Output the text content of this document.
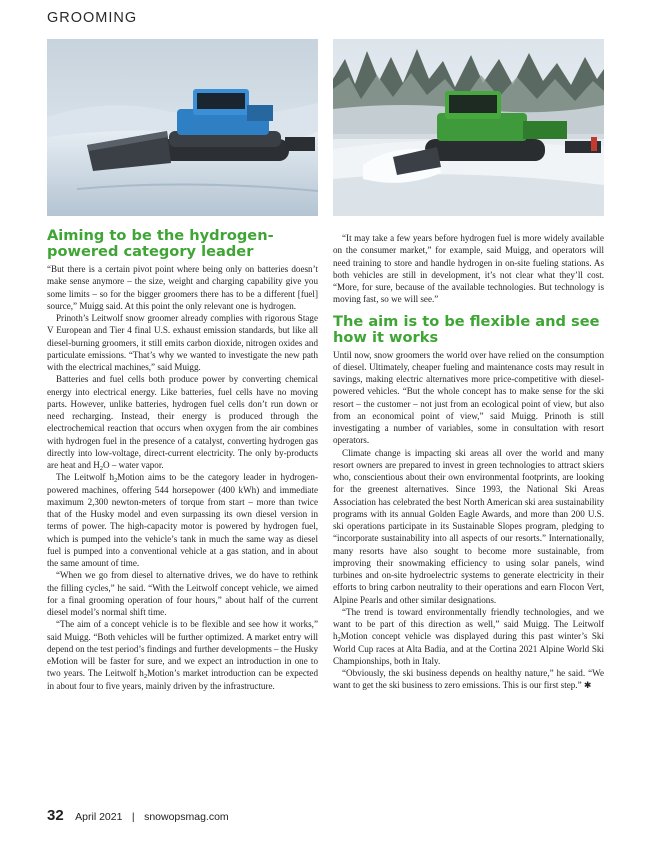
GROOMING
Aiming to be the hydrogen-powered category leader

“But there is a certain pivot point where being only on batteries doesn’t make sense anymore – the size, weight and charging capability give you some limits – so for the bigger groomers there has to be a different [fuel] source,” Muigg said. At this point the only relevant one is hydrogen.

Prinoth’s Leitwolf snow groomer already complies with rigorous Stage V European and Tier 4 final U.S. exhaust emission standards, but like all diesel-burning groomers, it still emits carbon dioxide, nitrogen oxides and particulate emissions. “That’s why we wanted to investigate the new path with the electrical machines,” said Muigg.

Batteries and fuel cells both produce power by converting chemical energy into electrical energy. Like batteries, fuel cells have no moving parts. However, unlike batteries, hydrogen fuel cells don’t run down or need recharging. Instead, their energy is produced through the electrochemical reaction that occurs when oxygen from the air combines with hydrogen fuel in the presence of a catalyst, converting hydrogen gas directly into low-voltage, direct-current electricity. The only by-products are heat and $H_2O$ – water vapor.

The Leitwolf $h_2Motion$ aims to be the category leader in hydrogen-powered machines, offering 544 horsepower (400 kWh) and immediate maximum 2,300 newton-meters of torque from start – more than twice that of the Husky model and even surpassing its own diesel version in terms of power. The high-capacity motor is powered by hydrogen fuel, which is pumped into the vehicle’s tank in much the same way as diesel fuel is pumped into a conventional vehicle at a gas station, and in about the same amount of time.

“When we go from diesel to alternative drives, we do have to rethink the filling cycles,” he said. “With the Leitwolf concept vehicle, we aimed for a final grooming operation of four hours,” about half of the current diesel model’s normal shift time.

“The aim of a concept vehicle is to be flexible and see how it works,” said Muigg. “Both vehicles will be further optimized. A market entry will depend on the test period’s findings and further developments – the Husky eMotion will be faster for sure, and we expect an introduction in one to two years. The Leitwolf $h_2Motion’s$ market introduction can be expected in about four to five years, mainly driven by the infrastructure.

“It may take a few years before hydrogen fuel is more widely available on the consumer market,” for example, said Muigg, and operators will need training to store and handle hydrogen in on-site fueling stations. As both vehicles are still in development, it’s not clear what they’ll cost. “More, for sure, because of the available technologies. But technology is moving fast, so we will see.”

The aim is to be flexible and see how it works

Until now, snow groomers the world over have relied on the consumption of diesel. Ultimately, cheaper fueling and maintenance costs may result in savings, making electric alternatives more price-competitive with diesel-powered vehicles. “But the whole concept has to make sense for the ski resort – the customer – not just from an ecological point of view, but also from an economical point of view,” said Muigg. Prinoth is still investigating a number of variables, some in consultation with resort operators.

Climate change is impacting ski areas all over the world and many resort owners are prepared to invest in green technologies to attract skiers who, conscientious about their own environmental footprints, are looking for the greenest alternatives. Since 1993, the National Ski Areas Association has celebrated the best North American ski area sustainability programs with its annual Golden Eagle Awards, and more than 200 U.S. ski operations participate in its Sustainable Slopes program, pledging to “incorporate sustainability into all aspects of our resorts.” Internationally, many resorts have also sought to become more sustainable, from improving their snowmaking efficiency to using solar panels, wind turbines and on-site hydroelectric systems to generate electricity in their efforts to bring carbon neutrality to their operations and earn Flocon Vert, Alpine Pearls and other similar designations.

“The trend is toward environmentally friendly technologies, and we want to be part of this direction as well,” said Muigg. The Leitwolf $h_2Motion$ concept vehicle was displayed during this past winter’s Ski World Cup races at Alta Badia, and at the Cortina 2021 Alpine World Ski Championships, both in Italy.

“Obviously, the ski business depends on healthy nature,” he said. “We want to get the ski business to zero emissions. This is our first step.” ✱

32 April 2021 | snowopsmag.com
